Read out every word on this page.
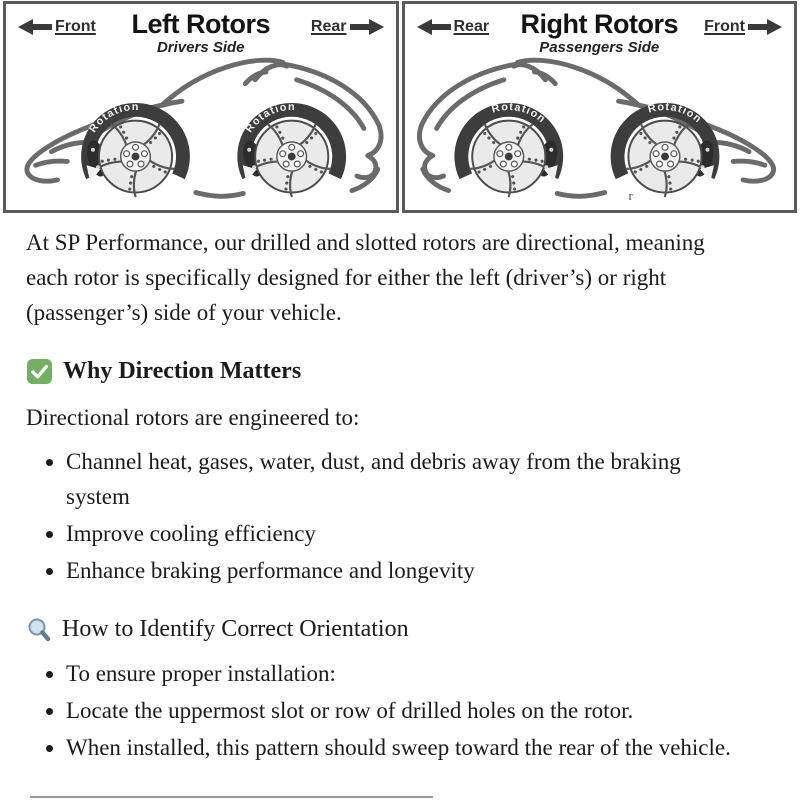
Rotation
Rotation
Front	Left Rotors
Drivers Side
Rear
Rotation
Rotation
Rear	Right Rotors
Passengers Side
Front
r

At SP Performance, our drilled and slotted rotors are directional, meaning each rotor is specifically designed for either the left (driver’s) or right (passenger’s) side of your vehicle.

Why Direction Matters

Directional rotors are engineered to:

• Channel heat, gases, water, dust, and debris away from the braking system
• Improve cooling efficiency
• Enhance braking performance and longevity
How to Identify Correct Orientation
• To ensure proper installation:
• Locate the uppermost slot or row of drilled holes on the rotor.
• When installed, this pattern should sweep toward the rear of the vehicle.
